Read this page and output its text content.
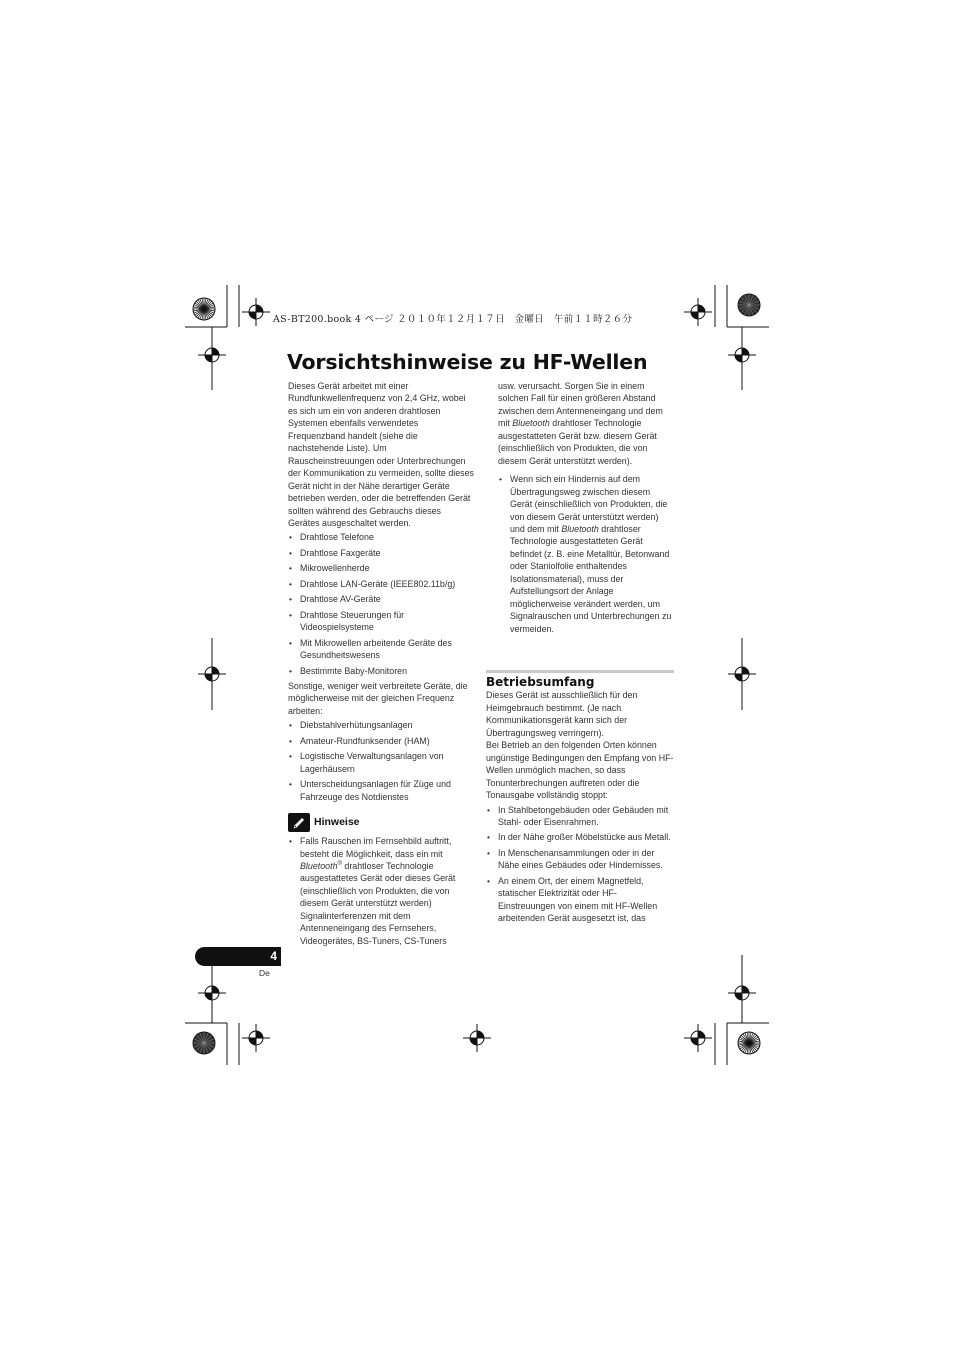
AS-BT200.book 4 ページ ２０１０年１２月１７日　金曜日　午前１１時２６分
Vorsichtshinweise zu HF-Wellen

Dieses Gerät arbeitet mit einer Rundfunkwellenfrequenz von 2,4 GHz, wobei es sich um ein von anderen drahtlosen Systemen ebenfalls verwendetes Frequenzband handelt (siehe die nachstehende Liste). Um Rauscheinstreuungen oder Unterbrechungen der Kommunikation zu vermeiden, sollte dieses Gerät nicht in der Nähe derartiger Geräte betrieben werden, oder die betreffenden Gerät sollten während des Gebrauchs dieses Gerätes ausgeschaltet werden.

• Drahtlose Telefone
• Drahtlose Faxgeräte
• Mikrowellenherde
• Drahtlose LAN-Geräte (IEEE802.11b/g)
• Drahtlose AV-Geräte
• Drahtlose Steuerungen für Videospielsysteme
• Mit Mikrowellen arbeitende Geräte des Gesundheitswesens
• Bestimmte Baby-Monitoren

Sonstige, weniger weit verbreitete Geräte, die möglicherweise mit der gleichen Frequenz arbeiten:

• Diebstahlverhütungsanlagen
• Amateur-Rundfunksender (HAM)
• Logistische Verwaltungsanlagen von Lagerhäusern
• Unterscheidungsanlagen für Züge und Fahrzeuge des Notdienstes
Hinweise
• Falls Rauschen im Fernsehbild auftritt, besteht die Möglichkeit, dass ein mit Bluetooth® drahtloser Technologie ausgestattetes Gerät oder dieses Gerät (einschließlich von Produkten, die von diesem Gerät unterstützt werden) Signalinterferenzen mit dem Antenneneingang des Fernsehers, Videogerätes, BS-Tuners, CS-Tuners
usw. verursacht. Sorgen Sie in einem solchen Fall für einen größeren Abstand zwischen dem Antenneneingang und dem mit Bluetooth drahtloser Technologie ausgestatteten Gerät bzw. diesem Gerät (einschließlich von Produkten, die von diesem Gerät unterstützt werden).
• Wenn sich ein Hindernis auf dem Übertragungsweg zwischen diesem Gerät (einschließlich von Produkten, die von diesem Gerät unterstützt werden) und dem mit Bluetooth drahtloser Technologie ausgestatteten Gerät befindet (z. B. eine Metalltür, Betonwand oder Staniolfolie enthaltendes Isolationsmaterial), muss der Aufstellungsort der Anlage möglicherweise verändert werden, um Signalrauschen und Unterbrechungen zu vermeiden.
Betriebsumfang

Dieses Gerät ist ausschließlich für den Heimgebrauch bestimmt. (Je nach Kommunikationsgerät kann sich der Übertragungsweg verringern).

Bei Betrieb an den folgenden Orten können ungünstige Bedingungen den Empfang von HF-Wellen unmöglich machen, so dass Tonunterbrechungen auftreten oder die Tonausgabe vollständig stoppt:

• In Stahlbetongebäuden oder Gebäuden mit Stahl- oder Eisenrahmen.
• In der Nähe großer Möbelstücke aus Metall.
• In Menschenansammlungen oder in der Nähe eines Gebäudes oder Hindernisses.
• An einem Ort, der einem Magnetfeld, statischer Elektrizität oder HF-Einstreuungen von einem mit HF-Wellen arbeitenden Gerät ausgesetzt ist, das
4
De
